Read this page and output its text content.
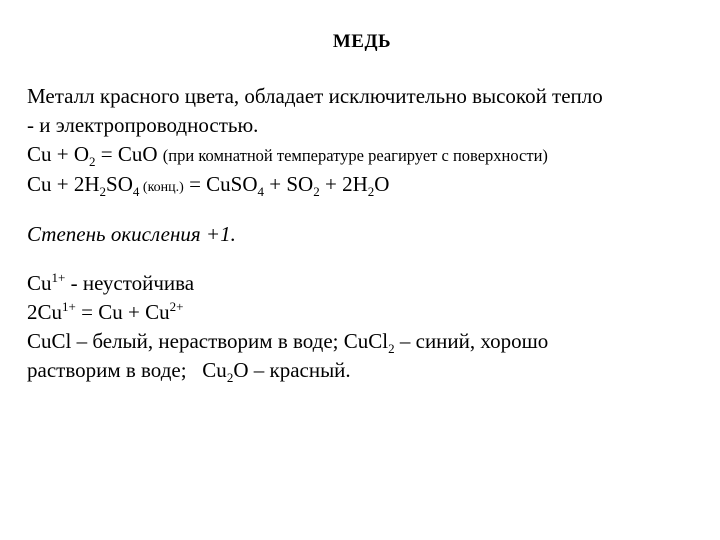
МЕДЬ
Металл красного цвета, обладает исключительно высокой тепло
- и электропроводностью.
$Cu + O_2$ = CuO (при комнатной температуре реагирует с поверхности)
$Cu + 2H_2SO_4$ (конц.) = CuSO$_4$ + $SO_2 + 2H_2O$
Степень окисления +1.
$Cu^{1+}$ - неустойчива
$2Cu^{1+} = Cu + Cu^{2+}$
CuCl – белый, нерастворим в воде; CuCl$_2$ – синий, хорошо
растворим в воде;   $Cu_2O$ – красный.
